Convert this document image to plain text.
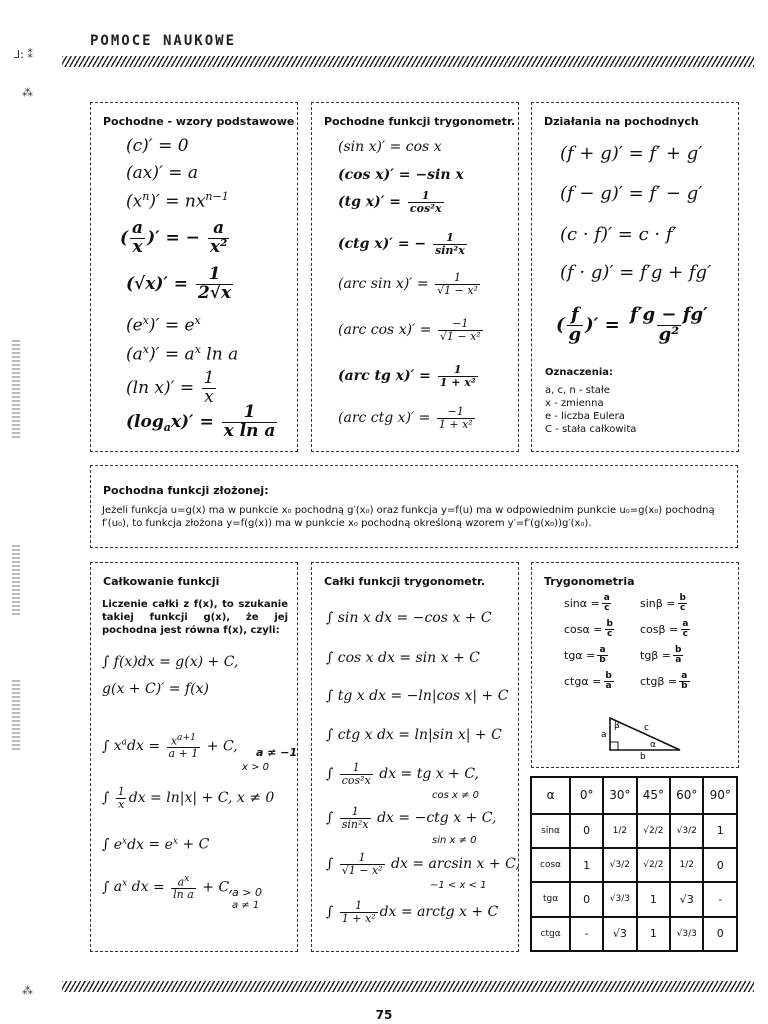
⅃: ⁑
POMOCE NAUKOWE
⁂
Pochodne - wzory podstawowe
(c)′ = 0
(ax)′ = a
$(x^n)' = nx^{n-1}$
( $\frac{a}{x}$ )′ = − $\frac{a}{\text{x²}}$
$(√x)' = \frac{1}{2√x}$
$(e^x)' = e^x$
$(a^x)' = a^x$ ln a
(ln $x)' = \frac{1}{x}$
$(\log_ax)' = \frac{1}{\text{x ln a}}$
Pochodne funkcji trygonometr.
(sin x)′ = cos x
(cos x)′ = −sin x
(tg $x)' = \frac{1}{\text{cos²x}}$
(ctg x)′ = − $\frac{1}{\text{sin²x}}$
(arc $\sin x)' = \frac{1}{\text{√1 − x²}}$
(arc $\cos x)' = \frac{-1}{\text{√1 − x²}}$
(arc tg $x)' = \frac{1}{\text{1 + x²}}$
(arc ctg $x)' = \frac{-1}{\text{1 + x²}}$
Działania na pochodnych
(f + g)′ = f′ + g′
(f − g)′ = f′ − g′
(c · f)′ = c · f′
(f · g)′ = f′g + fg′
( $\frac{f}{g}$ )′ = $\frac{f'g - fg'}{\text{g²}}$
Oznaczenia:
a, c, n - stałe
x - zmienna
e - liczba Eulera
C - stała całkowita
Pochodna funkcji złożonej:
Jeżeli funkcja u=g(x) ma w punkcie x₀ pochodną g′(x₀) oraz funkcja y=f(u) ma w odpowiednim punkcie u₀=g(x₀) pochodną f′(u₀), to funkcja złożona y=f(g(x)) ma w punkcie x₀ pochodną określoną wzorem y′=f′(g(x₀))g′(x₀).
Całkowanie funkcji
Liczenie całki z f(x), to szukanie takiej funkcji g(x), że jej pochodna jest równa f(x), czyli:
∫ f(x)dx = g(x) + C,
g(x + C)′ = f(x)
∫ $x^adx = \frac{x^{a+1}}{a + 1} + C$, a ≠ −1
x > 0
∫ $\frac{1}{x}$ dx = ln|x| + C, x ≠ 0
∫ $e^xdx = e^x + C$
∫ $a^x$ dx = $\frac{a^x}{\text{ln a}} + C$,
a > 0
a ≠ 1
Całki funkcji trygonometr.
∫ sin x dx = −cos x + C
∫ cos x dx = sin x + C
∫ tg x dx = −ln|cos x| + C
∫ ctg x dx = ln|sin x| + C
∫ $\frac{1}{\text{cos²x}}$ dx = tg x + C,
cos x ≠ 0
∫ $\frac{1}{\text{sin²x}}$ dx = −ctg x + C,
sin x ≠ 0
∫ $\frac{1}{\text{√1 − x²}}$ dx = arcsin x + C,
−1 < x < 1
∫ $\frac{1}{\text{1 + x²}}$ dx = arctg x + C
Trygonometria
$\sin\alpha = \frac{a}{c}$	$\sin\beta = \frac{b}{c}$
$\cos\alpha = \frac{b}{c}$ $\cos\beta = \frac{a}{c}$
$tg\alpha = \frac{a}{b}$	$tg\beta = \frac{b}{a}$
$ctg\alpha = \frac{b}{a}$ $ctg\beta = \frac{a}{b}$
β
α
a
b
c
α	0°	30°	45°	60°	90°
sinα	0	1/2	√2/2	√3/2	1
cosα	1	√3/2	√2/2	1/2	0
tgα	0	√3/3	1	√3	-
ctgα	-	√3	1	√3/3	0
⁂
75
